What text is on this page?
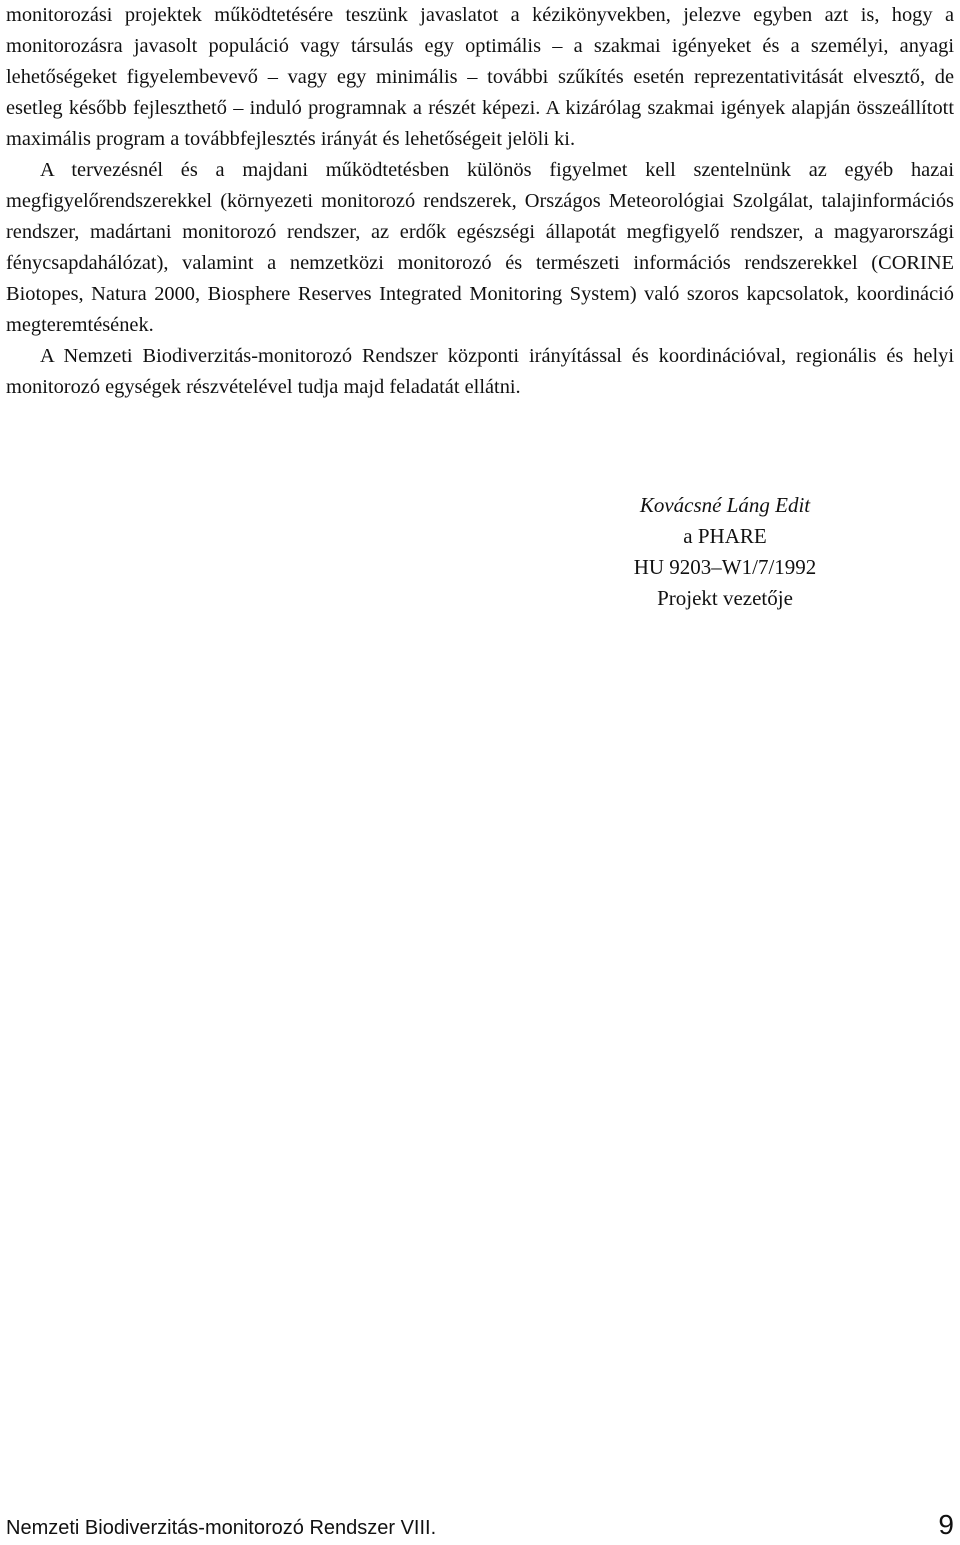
monitorozási projektek működtetésére teszünk javaslatot a kézikönyvekben, jelezve egyben azt is, hogy a monitorozásra javasolt populáció vagy társulás egy optimális – a szakmai igényeket és a személyi, anyagi lehetőségeket figyelembevevő – vagy egy minimális – további szűkítés esetén reprezentativitását elvesztő, de esetleg később fejleszthető – induló programnak a részét képezi. A kizárólag szakmai igények alapján összeállított maximális program a továbbfejlesztés irányát és lehetőségeit jelöli ki.

A tervezésnél és a majdani működtetésben különös figyelmet kell szentelnünk az egyéb hazai megfigyelőrendszerekkel (környezeti monitorozó rendszerek, Országos Meteorológiai Szolgálat, talajinformációs rendszer, madártani monitorozó rendszer, az erdők egészségi állapotát megfigyelő rendszer, a magyarországi fénycsapdahálózat), valamint a nemzetközi monitorozó és természeti információs rendszerekkel (CORINE Biotopes, Natura 2000, Biosphere Reserves Integrated Monitoring System) való szoros kapcsolatok, koordináció megteremtésének.

A Nemzeti Biodiverzitás-monitorozó Rendszer központi irányítással és koordinációval, regionális és helyi monitorozó egységek részvételével tudja majd feladatát ellátni.

Kovácsné Láng Edit
a PHARE
HU 9203–W1/7/1992
Projekt vezetője
Nemzeti Biodiverzitás-monitorozó Rendszer VIII.	9
